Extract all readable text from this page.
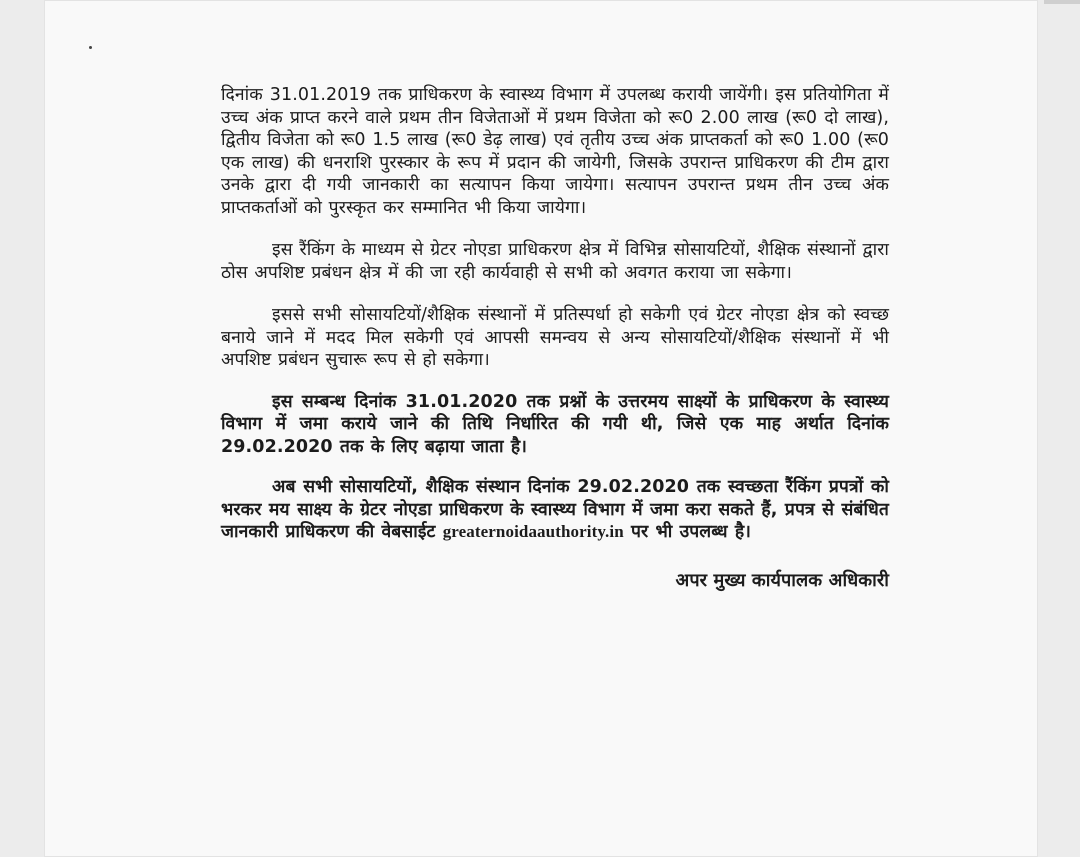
दिनांक 31.01.2019 तक प्राधिकरण के स्वास्थ्य विभाग में उपलब्ध करायी जायेंगी। इस प्रतियोगिता में उच्च अंक प्राप्त करने वाले प्रथम तीन विजेताओं में प्रथम विजेता को रू0 2.00 लाख (रू0 दो लाख), द्वितीय विजेता को रू0 1.5 लाख (रू0 डेढ़ लाख) एवं तृतीय उच्च अंक प्राप्तकर्ता को रू0 1.00 (रू0 एक लाख) की धनराशि पुरस्कार के रूप में प्रदान की जायेगी, जिसके उपरान्त प्राधिकरण की टीम द्वारा उनके द्वारा दी गयी जानकारी का सत्यापन किया जायेगा। सत्यापन उपरान्त प्रथम तीन उच्च अंक प्राप्तकर्ताओं को पुरस्कृत कर सम्मानित भी किया जायेगा।

इस रैंकिंग के माध्यम से ग्रेटर नोएडा प्राधिकरण क्षेत्र में विभिन्न सोसायटियों, शैक्षिक संस्थानों द्वारा ठोस अपशिष्ट प्रबंधन क्षेत्र में की जा रही कार्यवाही से सभी को अवगत कराया जा सकेगा।

इससे सभी सोसायटियों/शैक्षिक संस्थानों में प्रतिस्पर्धा हो सकेगी एवं ग्रेटर नोएडा क्षेत्र को स्वच्छ बनाये जाने में मदद मिल सकेगी एवं आपसी समन्वय से अन्य सोसायटियों/शैक्षिक संस्थानों में भी अपशिष्ट प्रबंधन सुचारू रूप से हो सकेगा।

इस सम्बन्ध दिनांक 31.01.2020 तक प्रश्नों के उत्तरमय साक्ष्यों के प्राधिकरण के स्वास्थ्य विभाग में जमा कराये जाने की तिथि निर्धारित की गयी थी, जिसे एक माह अर्थात दिनांक 29.02.2020 तक के लिए बढ़ाया जाता है।

अब सभी सोसायटियों, शैक्षिक संस्थान दिनांक 29.02.2020 तक स्वच्छता रैंकिंग प्रपत्रों को भरकर मय साक्ष्य के ग्रेटर नोएडा प्राधिकरण के स्वास्थ्य विभाग में जमा करा सकते हैं, प्रपत्र से संबंधित जानकारी प्राधिकरण की वेबसाईट greaternoidaauthority.in पर भी उपलब्ध है।

अपर मुख्य कार्यपालक अधिकारी
